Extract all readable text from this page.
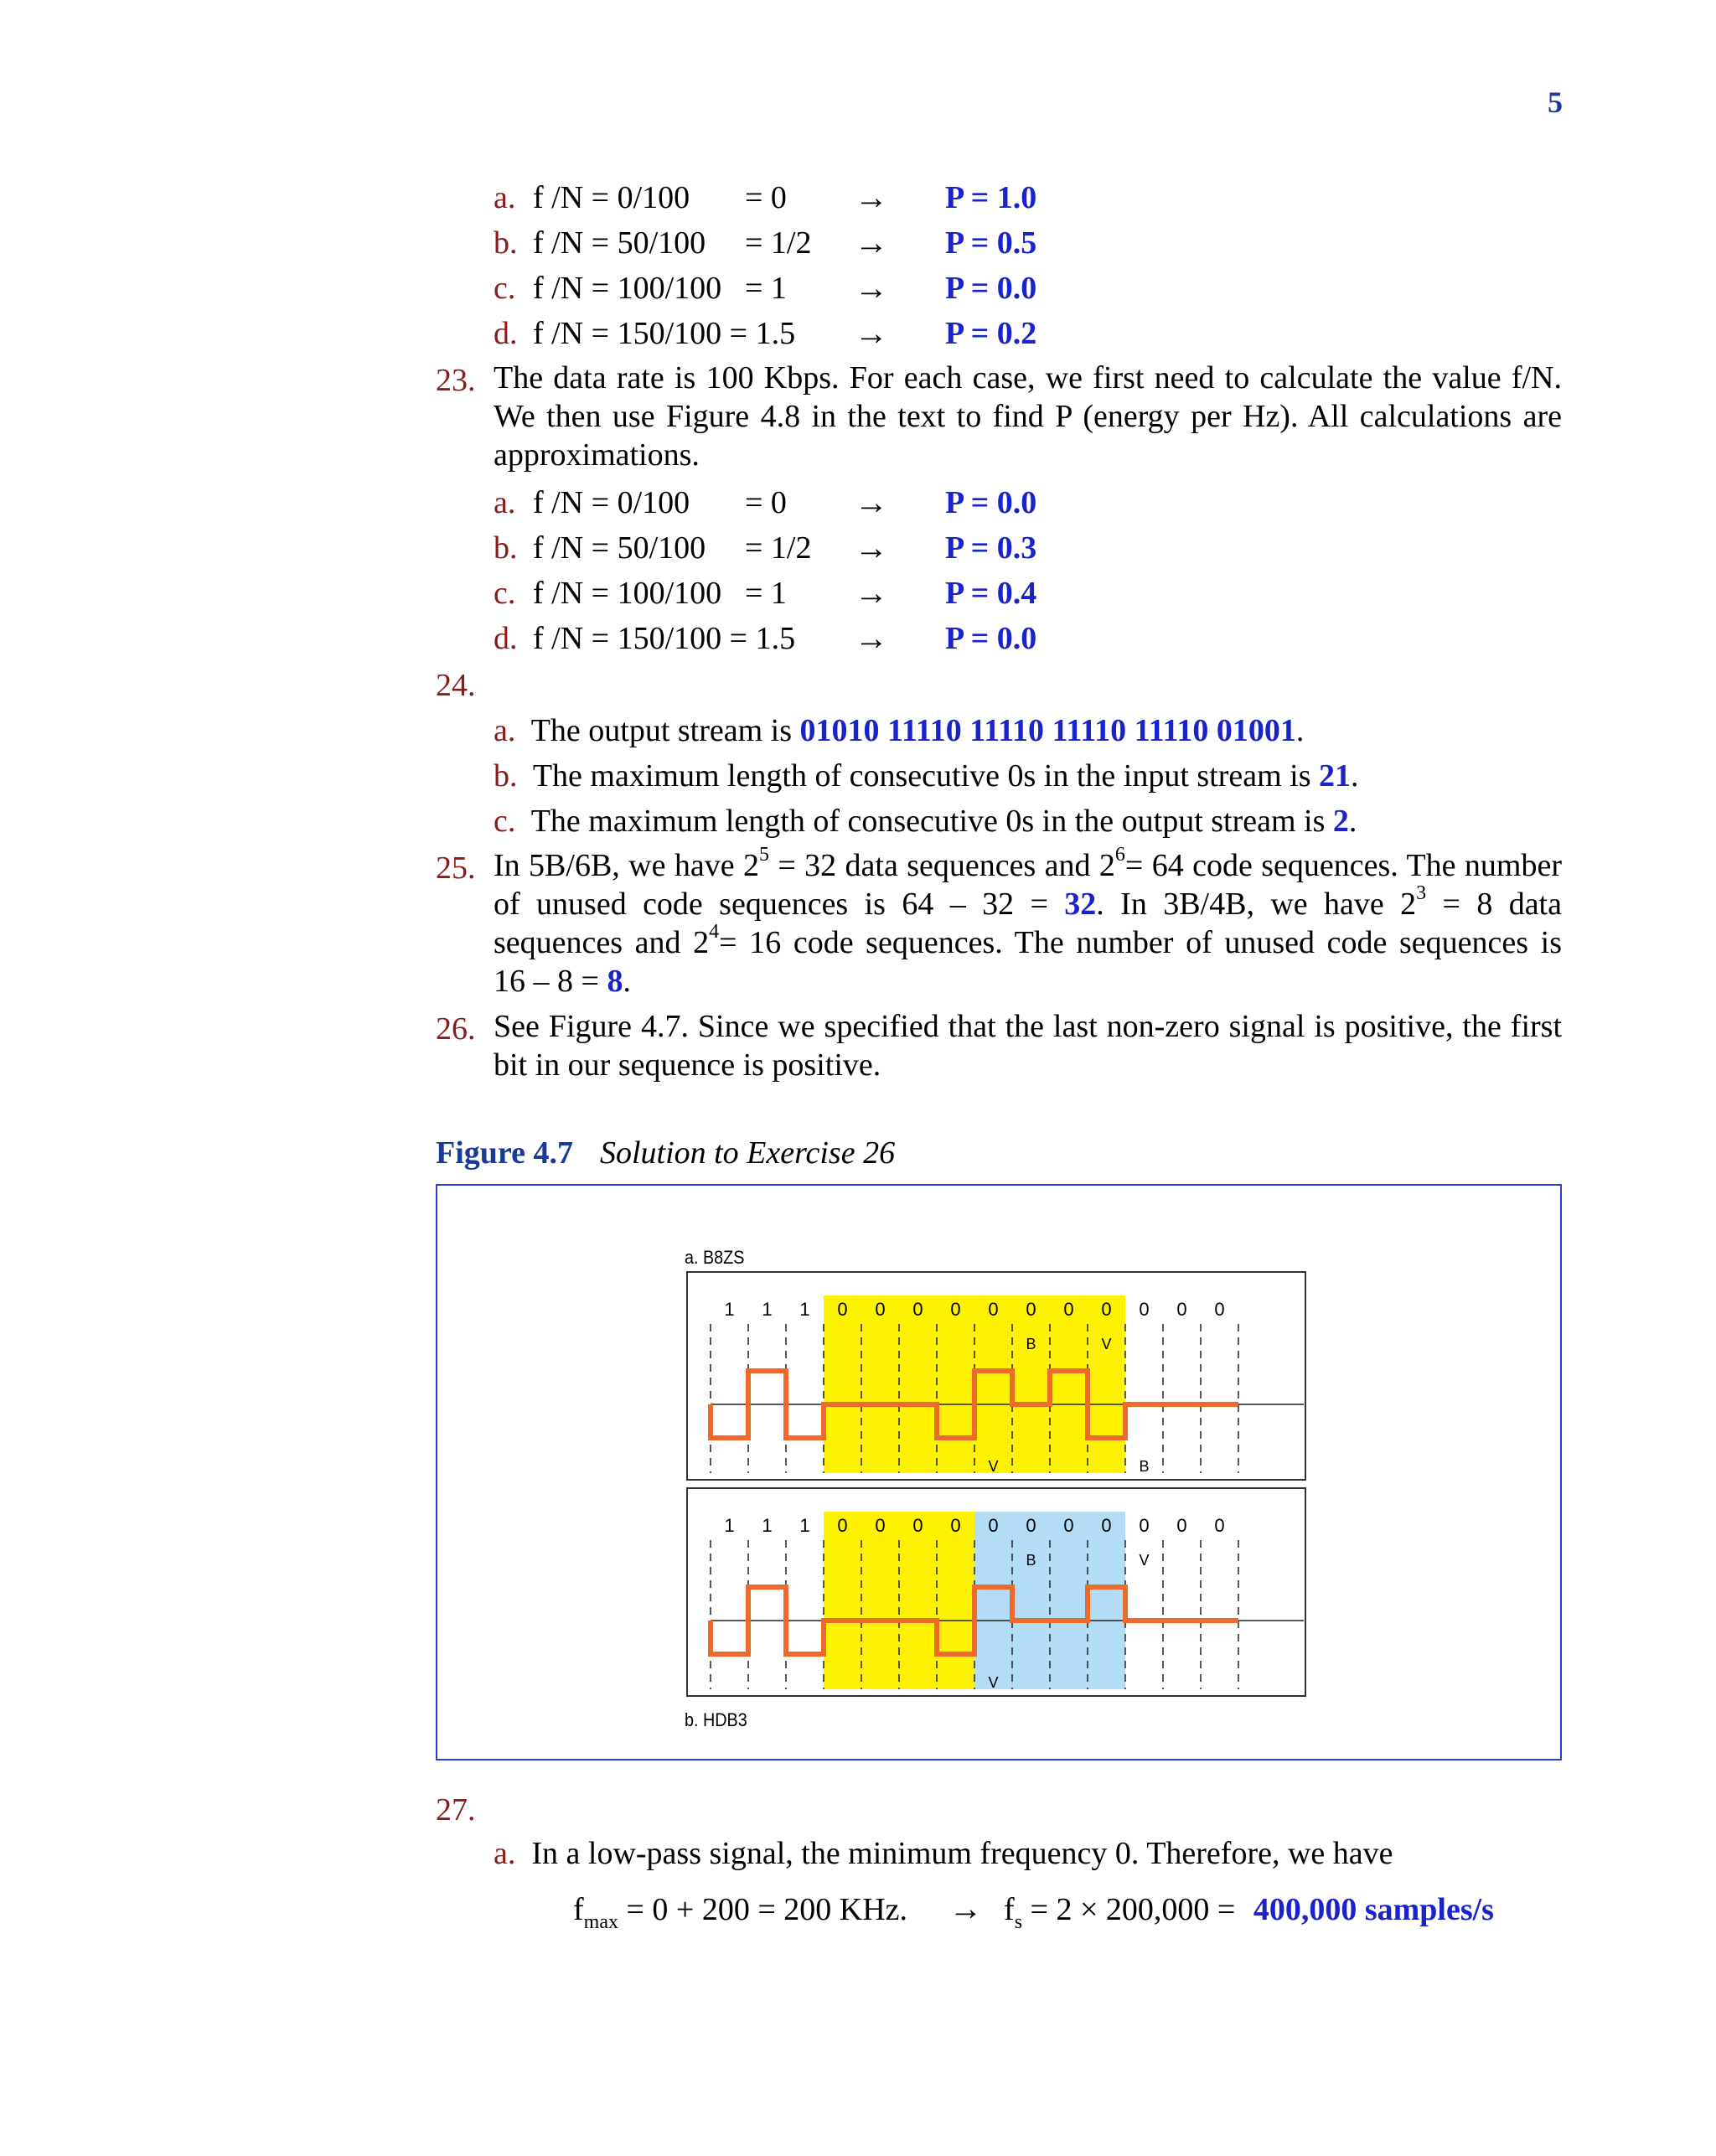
5
a. f /N = 0/100 = 0 → P = 1.0
b. f /N = 50/100 = 1/2 → P = 0.5
c. f /N = 100/100 = 1 → P = 0.0
d. f /N = 150/100 = 1.5 → P = 0.2
23. The data rate is 100 Kbps. For each case, we first need to calculate the value f/N.
We then use Figure 4.8 in the text to find P (energy per Hz). All calculations are
approximations.
a. f /N = 0/100 = 0 → P = 0.0
b. f /N = 50/100 = 1/2 → P = 0.3
c. f /N = 100/100 = 1 → P = 0.4
d. f /N = 150/100 = 1.5 → P = 0.0
24.
a. The output stream is 01010 11110 11110 11110 11110 01001.
b. The maximum length of consecutive 0s in the input stream is 21.
c. The maximum length of consecutive 0s in the output stream is 2.
25. In 5B/6B, we have $2^5 = 32$ data sequences and $2^6= 64$ code sequences. The number
of unused code sequences is 64 – 32 = 32. In 3B/4B, we have $2^3 = 8$ data
sequences and $2^4= 16$ code sequences. The number of unused code sequences is
16 – 8 = 8.
26. See Figure 4.7. Since we specified that the last non-zero signal is positive, the first
bit in our sequence is positive.
Figure 4.7 Solution to Exercise 26
a. B8ZS
b. HDB3
1 1 1 0 0 0 0 0 0 0 0 0 0 0
B	V
V	B
1 1 1 0 0 0 0 0 0 0 0 0 0 0
B	V
V
27.
a. In a low-pass signal, the minimum frequency 0. Therefore, we have
$f_{max} = 0 + 200 = 200$ KHz. → $f_s = 2 \times 200,000 = 400,000$ samples/s
